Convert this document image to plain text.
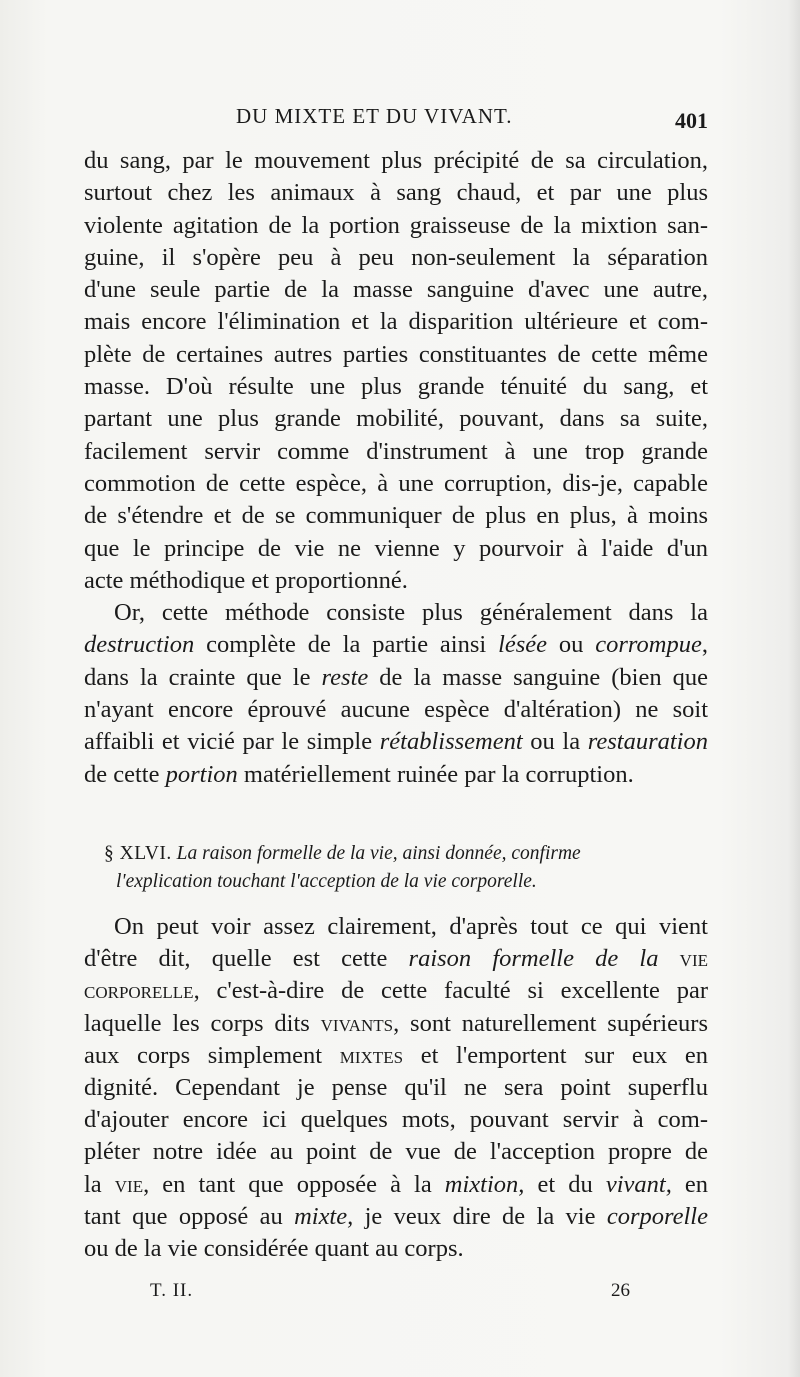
DU MIXTE ET DU VIVANT.	401
du sang, par le mouvement plus précipité de sa circulation,
surtout chez les animaux à sang chaud, et par une plus
violente agitation de la portion graisseuse de la mixtion san-
guine, il s'opère peu à peu non-seulement la séparation
d'une seule partie de la masse sanguine d'avec une autre,
mais encore l'élimination et la disparition ultérieure et com-
plète de certaines autres parties constituantes de cette même
masse. D'où résulte une plus grande ténuité du sang, et
partant une plus grande mobilité, pouvant, dans sa suite,
facilement servir comme d'instrument à une trop grande
commotion de cette espèce, à une corruption, dis-je, capable
de s'étendre et de se communiquer de plus en plus, à moins
que le principe de vie ne vienne y pourvoir à l'aide d'un
acte méthodique et proportionné.
Or, cette méthode consiste plus généralement dans la
destruction complète de la partie ainsi lésée ou corrompue,
dans la crainte que le reste de la masse sanguine (bien que
n'ayant encore éprouvé aucune espèce d'altération) ne soit
affaibli et vicié par le simple rétablissement ou la restauration
de cette portion matériellement ruinée par la corruption.
§ XLVI. La raison formelle de la vie, ainsi donnée, confirme
l'explication touchant l'acception de la vie corporelle.
On peut voir assez clairement, d'après tout ce qui vient
d'être dit, quelle est cette raison formelle de la vie
corporelle, c'est-à-dire de cette faculté si excellente par
laquelle les corps dits vivants, sont naturellement supérieurs
aux corps simplement mixtes et l'emportent sur eux en
dignité. Cependant je pense qu'il ne sera point superflu
d'ajouter encore ici quelques mots, pouvant servir à com-
pléter notre idée au point de vue de l'acception propre de
la vie, en tant que opposée à la mixtion, et du vivant, en
tant que opposé au mixte, je veux dire de la vie corporelle
ou de la vie considérée quant au corps.
T. II.	26
